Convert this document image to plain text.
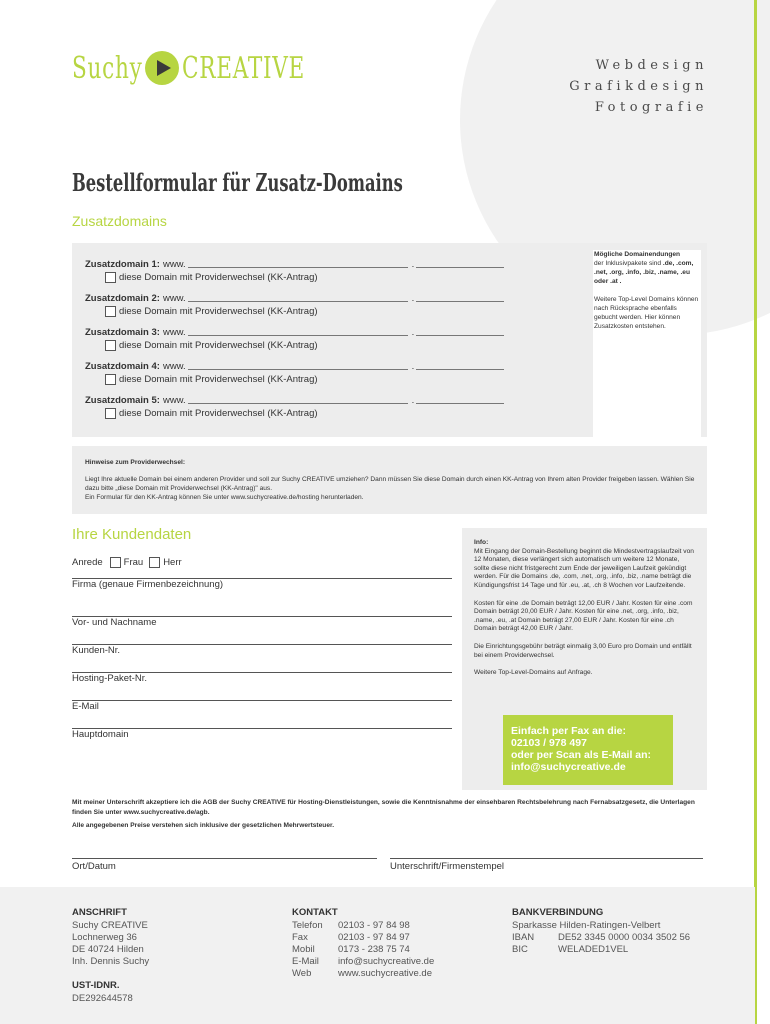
Suchy CREATIVE	Webdesign
Grafikdesign
Fotografie
Bestellformular für Zusatz-Domains
Zusatzdomains
Zusatzdomain 1: www.	.
diese Domain mit Providerwechsel (KK-Antrag)
Zusatzdomain 2: www.	.
diese Domain mit Providerwechsel (KK-Antrag)
Zusatzdomain 3: www.	.
diese Domain mit Providerwechsel (KK-Antrag)
Zusatzdomain 4: www.	.
diese Domain mit Providerwechsel (KK-Antrag)
Zusatzdomain 5: www.	.
diese Domain mit Providerwechsel (KK-Antrag)

Mögliche Domainendungen
der Inklusivpakete sind .de, .com, .net, .org, .info, .biz, .name, .eu oder .at .

Weitere Top-Level Domains können nach Rücksprache ebenfalls gebucht werden. Hier können Zusatzkosten entstehen.

Hinweise zum Providerwechsel:
Liegt Ihre aktuelle Domain bei einem anderen Provider und soll zur Suchy CREATIVE umziehen? Dann müssen Sie diese Domain durch einen KK-Antrag von Ihrem alten Provider freigeben lassen. Wählen Sie dazu bitte „diese Domain mit Providerwechsel (KK-Antrag)" aus.
Ein Formular für den KK-Antrag können Sie unter www.suchycreative.de/hosting herunterladen.
Ihre Kundendaten
Anrede Frau Herr
Firma (genaue Firmenbezeichnung)
Vor- und Nachname
Kunden-Nr.
Hosting-Paket-Nr.
E-Mail
Hauptdomain

Info:

Mit Eingang der Domain-Bestellung beginnt die Mindestvertragslaufzeit von 12 Monaten, diese verlängert sich automatisch um weitere 12 Monate, sollte diese nicht fristgerecht zum Ende der jeweiligen Laufzeit gekündigt werden. Für die Domains .de, .com, .net, .org, .info, .biz, .name beträgt die Kündigungsfrist 14 Tage und für .eu, .at, .ch 8 Wochen vor Laufzeitende.

Kosten für eine .de Domain beträgt 12,00 EUR / Jahr. Kosten für eine .com Domain beträgt 20,00 EUR / Jahr. Kosten für eine .net, .org, .info, .biz, .name, .eu, .at Domain beträgt 27,00 EUR / Jahr. Kosten für eine .ch Domain beträgt 42,00 EUR / Jahr.

Die Einrichtungsgebühr beträgt einmalig 3,00 Euro pro Domain und entfällt bei einem Providerwechsel.

Weitere Top-Level-Domains auf Anfrage.

Einfach per Fax an die:
02103 / 978 497
oder per Scan als E-Mail an:
info@suchycreative.de

Mit meiner Unterschrift akzeptiere ich die AGB der Suchy CREATIVE für Hosting-Dienstleistungen, sowie die Kenntnisnahme der einsehbaren Rechtsbelehrung nach Fernabsatzgesetz, die Unterlagen finden Sie unter www.suchycreative.de/agb.

Alle angegebenen Preise verstehen sich inklusive der gesetzlichen Mehrwertsteuer.

Ort/Datum	Unterschrift/Firmenstempel
ANSCHRIFT
Suchy CREATIVE
Lochnerweg 36
DE 40724 Hilden
Inh. Dennis Suchy
UST-IDNR.
DE292644578
KONTAKT
Telefon	02103 - 97 84 98
Fax	02103 - 97 84 97
Mobil	0173 - 238 75 74
E-Mail	info@suchycreative.de
Web	www.suchycreative.de
BANKVERBINDUNG
Sparkasse Hilden-Ratingen-Velbert
IBAN	DE52 3345 0000 0034 3502 56
BIC	WELADED1VEL
